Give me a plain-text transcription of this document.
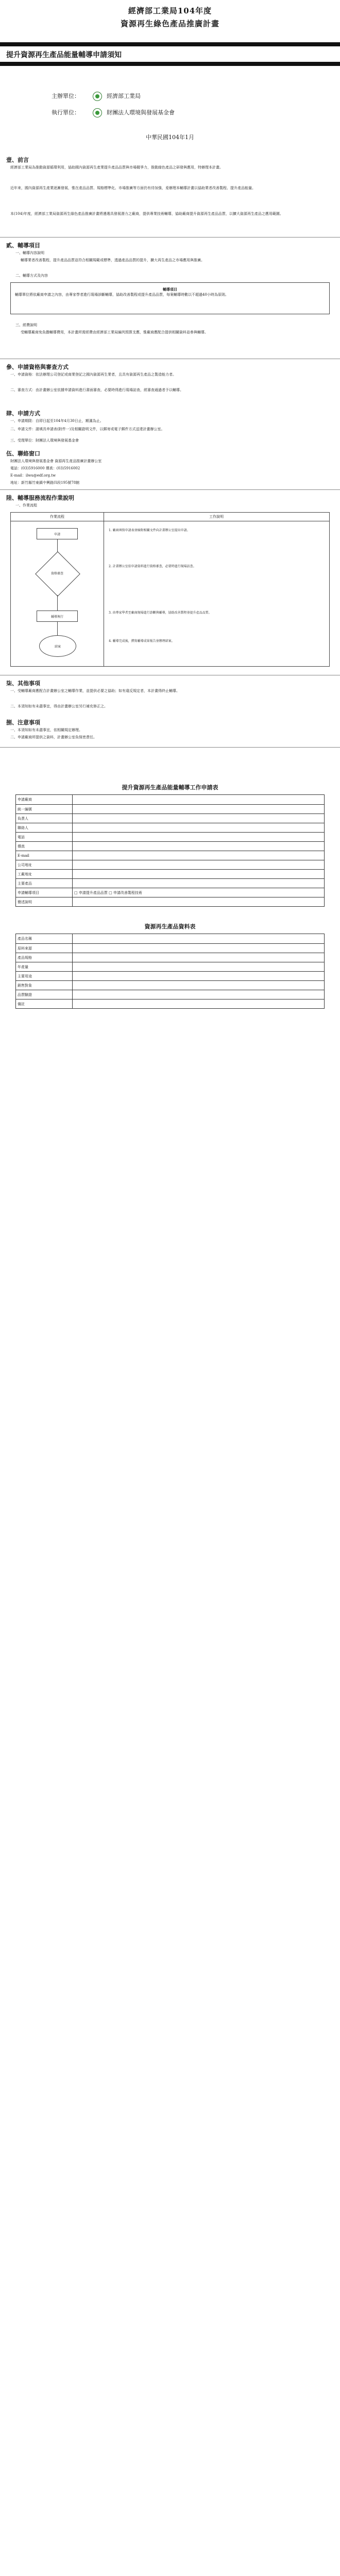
經濟部工業局104年度
資源再生綠色產品推廣計畫
提升資源再生產品能量輔導申請須知
主辦單位：	經濟部工業局
執行單位：	財團法人環境與發展基金會
中華民國104年1月
壹、前言
經濟部工業局為推動資源循環利用，協助國內資源再生產業提升產品品質與市場競爭力，推動綠色產品之研發與應用，特辦理本計畫。
近年來，國內資源再生產業逐漸發展，惟在產品品質、規格標準化、市場推廣等方面仍有待加強，爰辦理本輔導計畫以協助業者改善製程、提升產品能量。
本(104)年度，經濟部工業局資源再生綠色產品推廣計畫將遴選具發展潛力之廠商，提供專業技術輔導，協助廠商提升資源再生產品品質，以擴大資源再生產品之應用範圍。
貳、輔導項目
一、輔導內容說明
輔導業者改善製程，提升產品品質並符合相關規範或標準，透過產品品質的提升，擴大再生產品之市場應用與推廣。
二、輔導方式及內容
輔導項目
輔導單位將依廠商申請之內容，由專家學者進行現場診斷輔導，協助改善製程或提升產品品質，每案輔導時數以不超過40小時為原則。
三、經費說明
受輔導廠商免負擔輔導費用，本計畫所需經費由經濟部工業局編列預算支應，惟廠商應配合提供相關資料並參與輔導。
參、申請資格與審查方式
一、申請資格：依法辦理公司登記或商業登記之國內資源再生業者，且具有資源再生產品之製造能力者。
二、審查方式：由計畫辦公室依據申請資料進行書面審查，必要時得進行現場訪查，經審查通過者予以輔導。
肆、申請方式
一、申請期限：自即日起至104年4月30日止，額滿為止。
二、申請文件：請填具申請表(附件一)及相關證明文件，以郵寄或電子郵件方式送達計畫辦公室。
三、受理單位：財團法人環境與發展基金會
伍、聯絡窗口
財團法人環境與發展基金會 資源再生產品推廣計畫辦公室
電話：(03)5916000 傳真：(03)5916002
E-mail：ilwu@edf.org.tw
地址：新竹縣竹東鎮中興路四段195號78館
陸、輔導服務流程作業說明
一、作業流程
作業流程	工作說明
申請
資格審查
輔導執行
結案
1. 廠商填寫申請表並檢附相關文件向計畫辦公室提出申請。
2. 計畫辦公室依申請資料進行資格審查，必要時進行現場訪查。
3. 由專家學者至廠商現場進行診斷與輔導，協助改善製程並提升產品品質。
4. 輔導完成後，撰寫輔導成果報告並辦理結案。
柒、其他事項
一、受輔導廠商應配合計畫辦公室之輔導作業，並提供必要之協助；如有違反規定者，本計畫得終止輔導。
二、本須知如有未盡事宜，得由計畫辦公室另行補充修正之。
捌、注意事項
一、本須知如有未盡事宜，依相關規定辦理。
二、申請廠商所提供之資料，計畫辦公室負保密責任。
提升資源再生產品能量輔導工作申請表
申請廠商
統一編號
負責人
聯絡人
電話
傳真
E-mail
公司地址
工廠地址
主要產品
申請輔導項目	□ 申請提升產品品質 □ 申請改善製程技術
簡述說明
資源再生產品資料表
產品名稱
原料來源
產品規格
年產量
主要用途
銷售對象
品質驗證
備註
